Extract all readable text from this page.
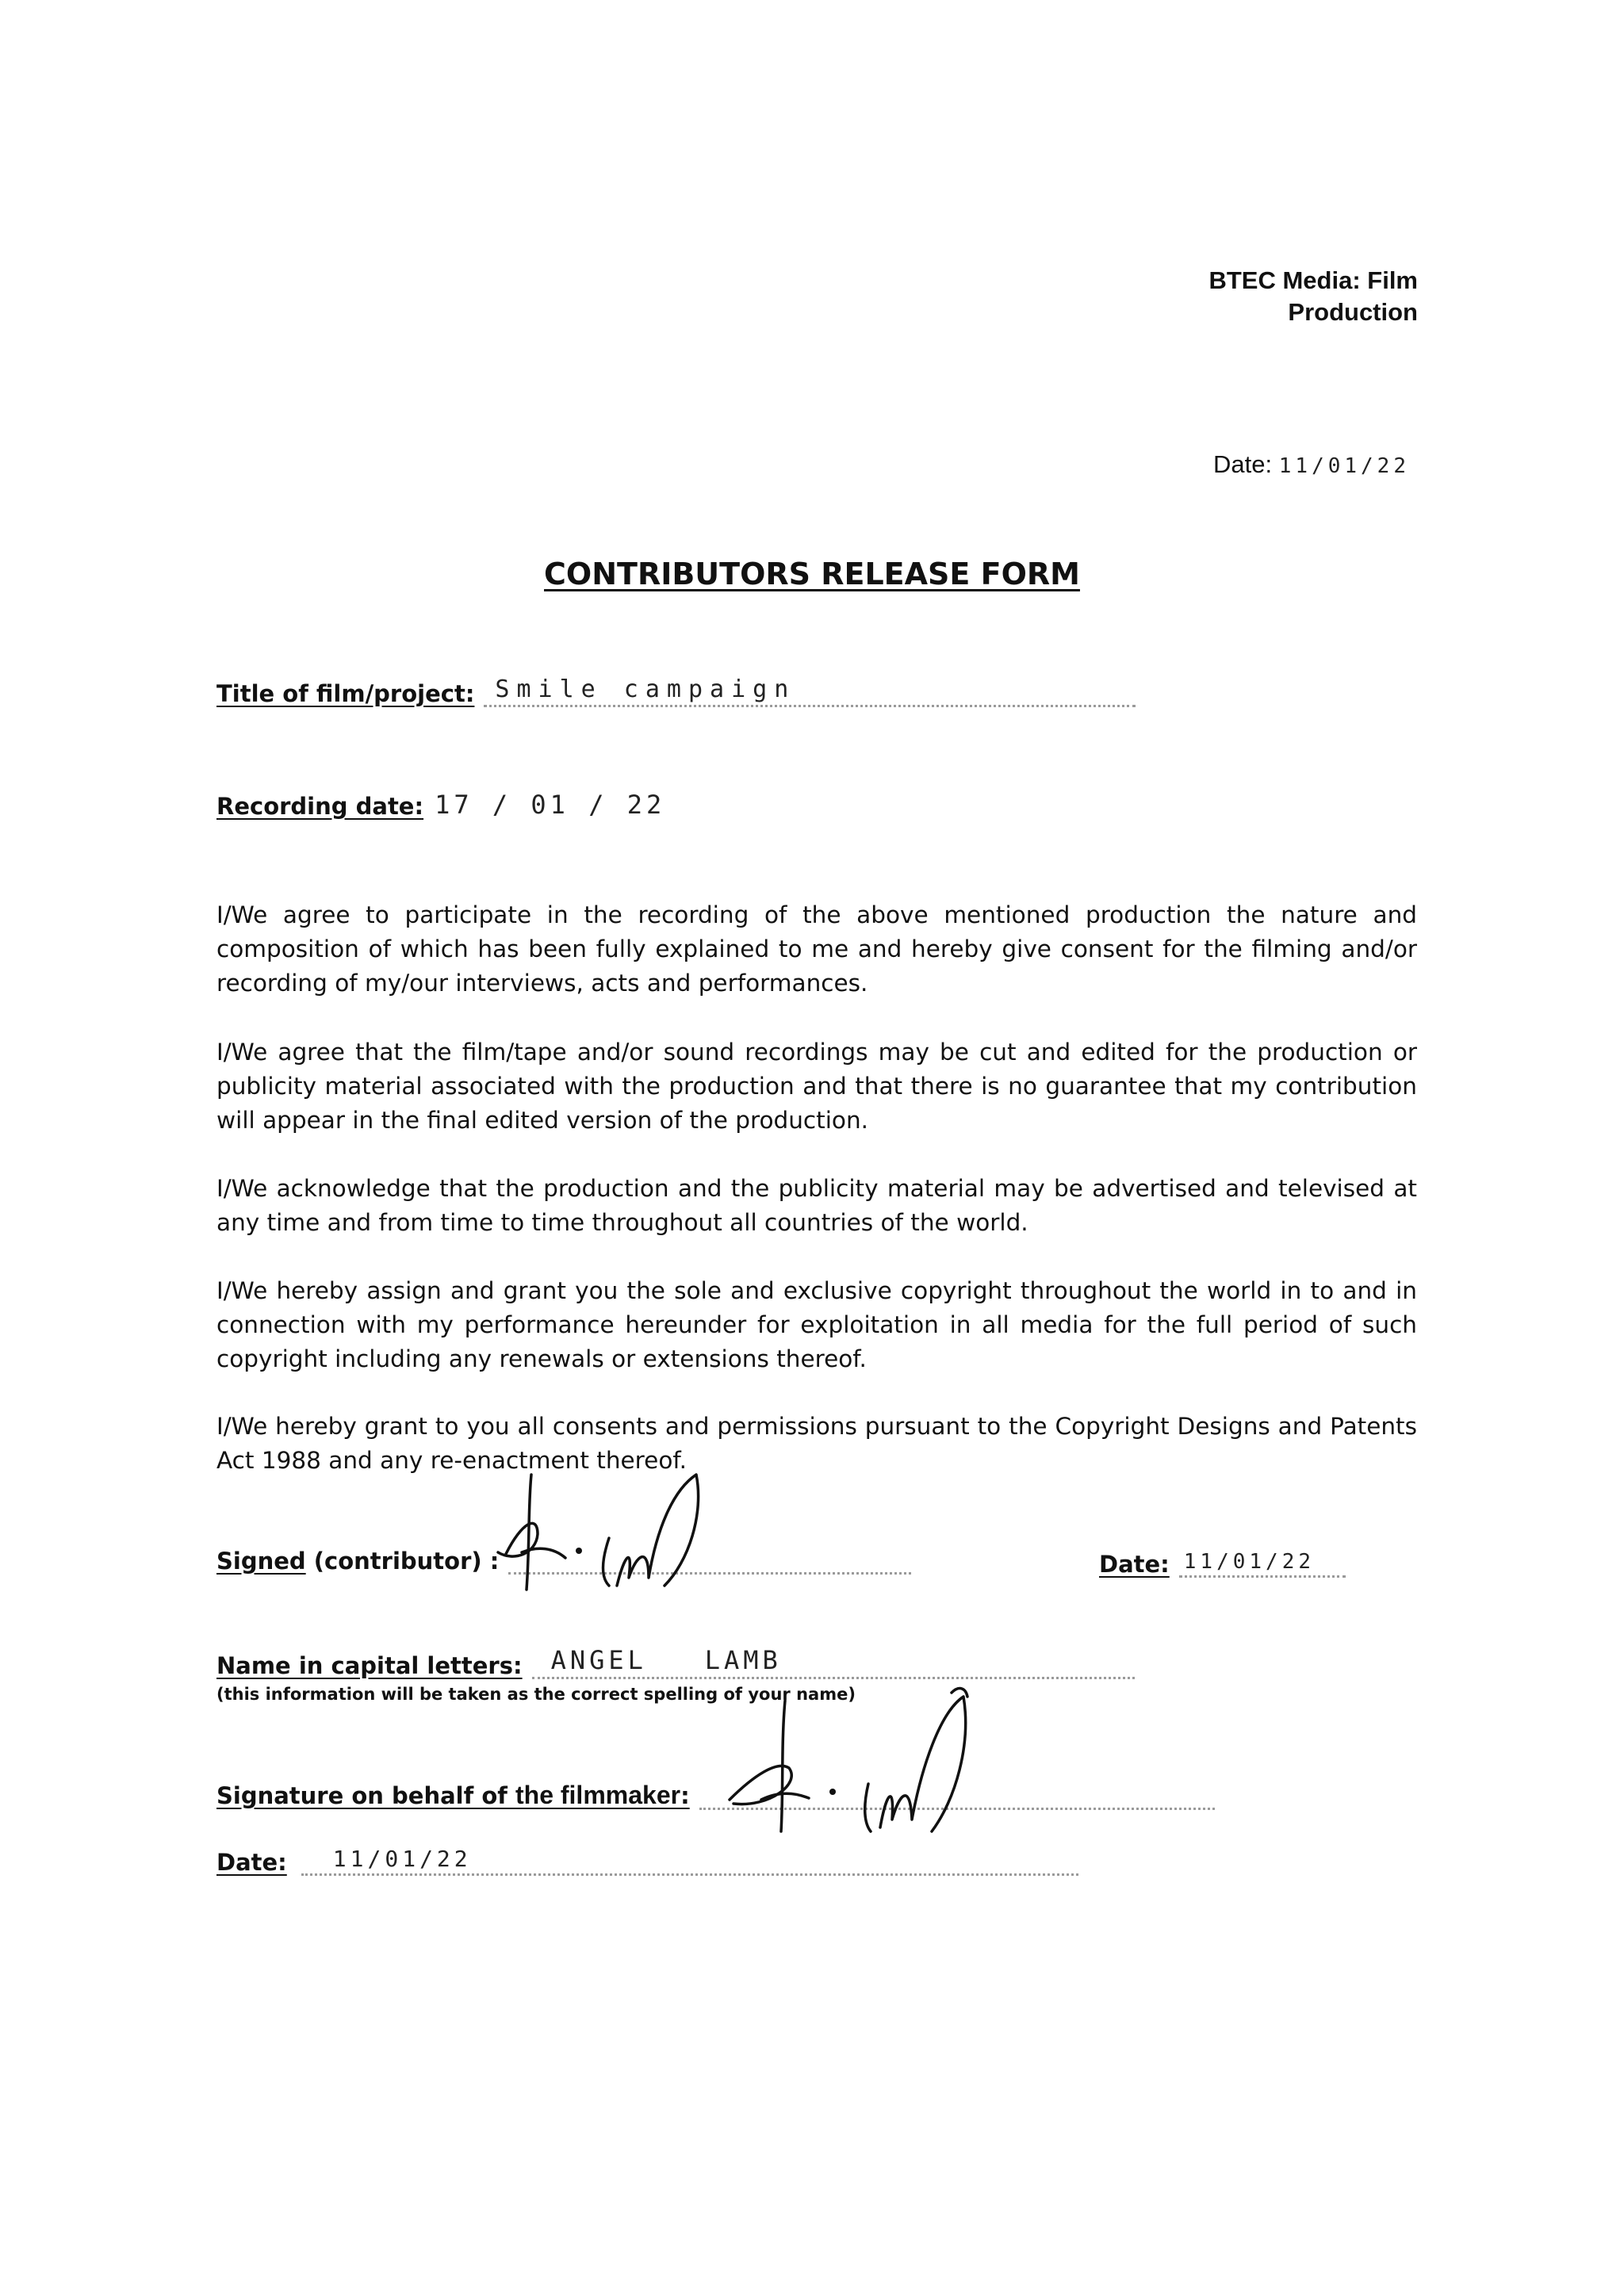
BTEC Media: Film
Production
Date: 11/01/22
CONTRIBUTORS RELEASE FORM
Title of film/project: Smile campaign
Recording date: 17 / 01 / 22
I/We agree to participate in the recording of the above mentioned production the nature and composition of which has been fully explained to me and hereby give consent for the filming and/or recording of my/our interviews, acts and performances.
I/We agree that the film/tape and/or sound recordings may be cut and edited for the production or publicity material associated with the production and that there is no guarantee that my contribution will appear in the final edited version of the production.
I/We acknowledge that the production and the publicity material may be advertised and televised at any time and from time to time throughout all countries of the world.
I/We hereby assign and grant you the sole and exclusive copyright throughout the world in to and in connection with my performance hereunder for exploitation in all media for the full period of such copyright including any renewals or extensions thereof.
I/We hereby grant to you all consents and permissions pursuant to the Copyright Designs and Patents Act 1988 and any re-enactment thereof.
Signed (contributor) :	Date: 11/01/22
Name in capital letters: ANGEL   LAMB
(this information will be taken as the correct spelling of your name)
Signature on behalf of the filmmaker:
Date: 11/01/22
